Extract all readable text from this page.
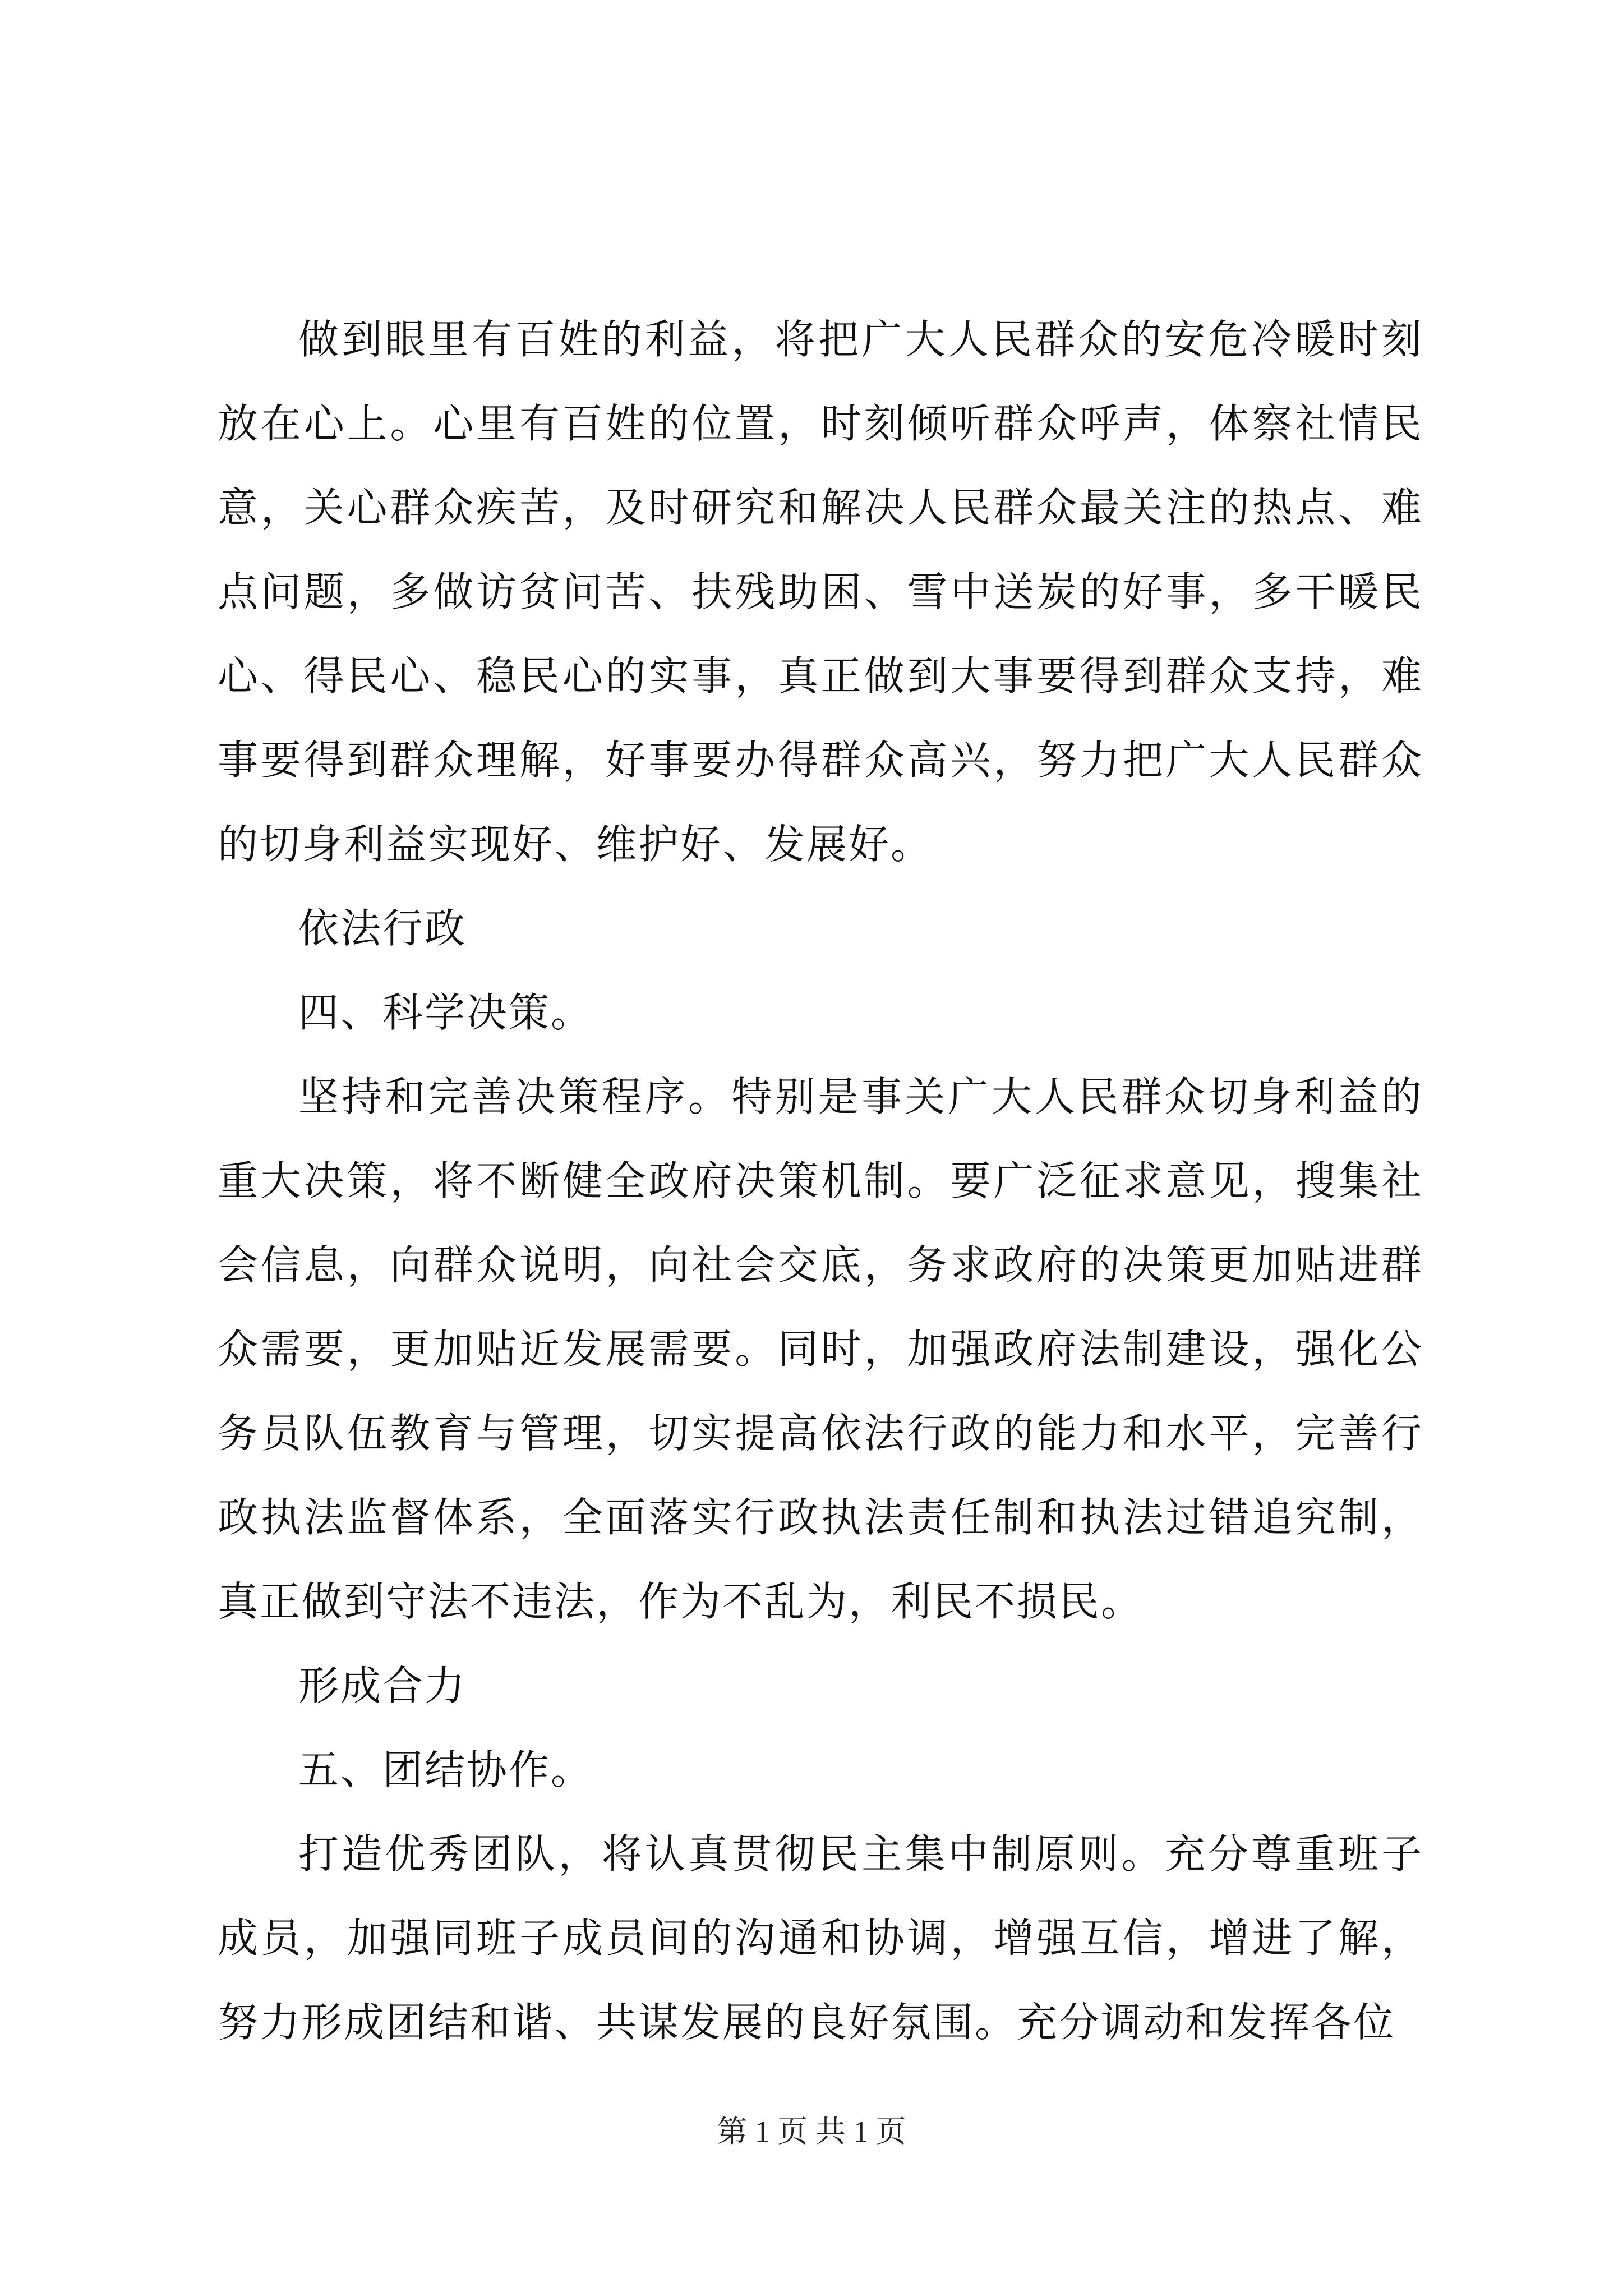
做到眼里有百姓的利益，将把广大人民群众的安危冷暖时刻放在心上。心里有百姓的位置，时刻倾听群众呼声，体察社情民意，关心群众疾苦，及时研究和解决人民群众最关注的热点、难点问题，多做访贫问苦、扶残助困、雪中送炭的好事，多干暖民心、得民心、稳民心的实事，真正做到大事要得到群众支持，难事要得到群众理解，好事要办得群众高兴，努力把广大人民群众的切身利益实现好、维护好、发展好。

依法行政

四、科学决策。

坚持和完善决策程序。特别是事关广大人民群众切身利益的重大决策，将不断健全政府决策机制。要广泛征求意见，搜集社会信息，向群众说明，向社会交底，务求政府的决策更加贴进群众需要，更加贴近发展需要。同时，加强政府法制建设，强化公务员队伍教育与管理，切实提高依法行政的能力和水平，完善行政执法监督体系，全面落实行政执法责任制和执法过错追究制，真正做到守法不违法，作为不乱为，利民不损民。

形成合力

五、团结协作。

打造优秀团队，将认真贯彻民主集中制原则。充分尊重班子成员，加强同班子成员间的沟通和协调，增强互信，增进了解，努力形成团结和谐、共谋发展的良好氛围。充分调动和发挥各位

第 1 页 共 1 页
